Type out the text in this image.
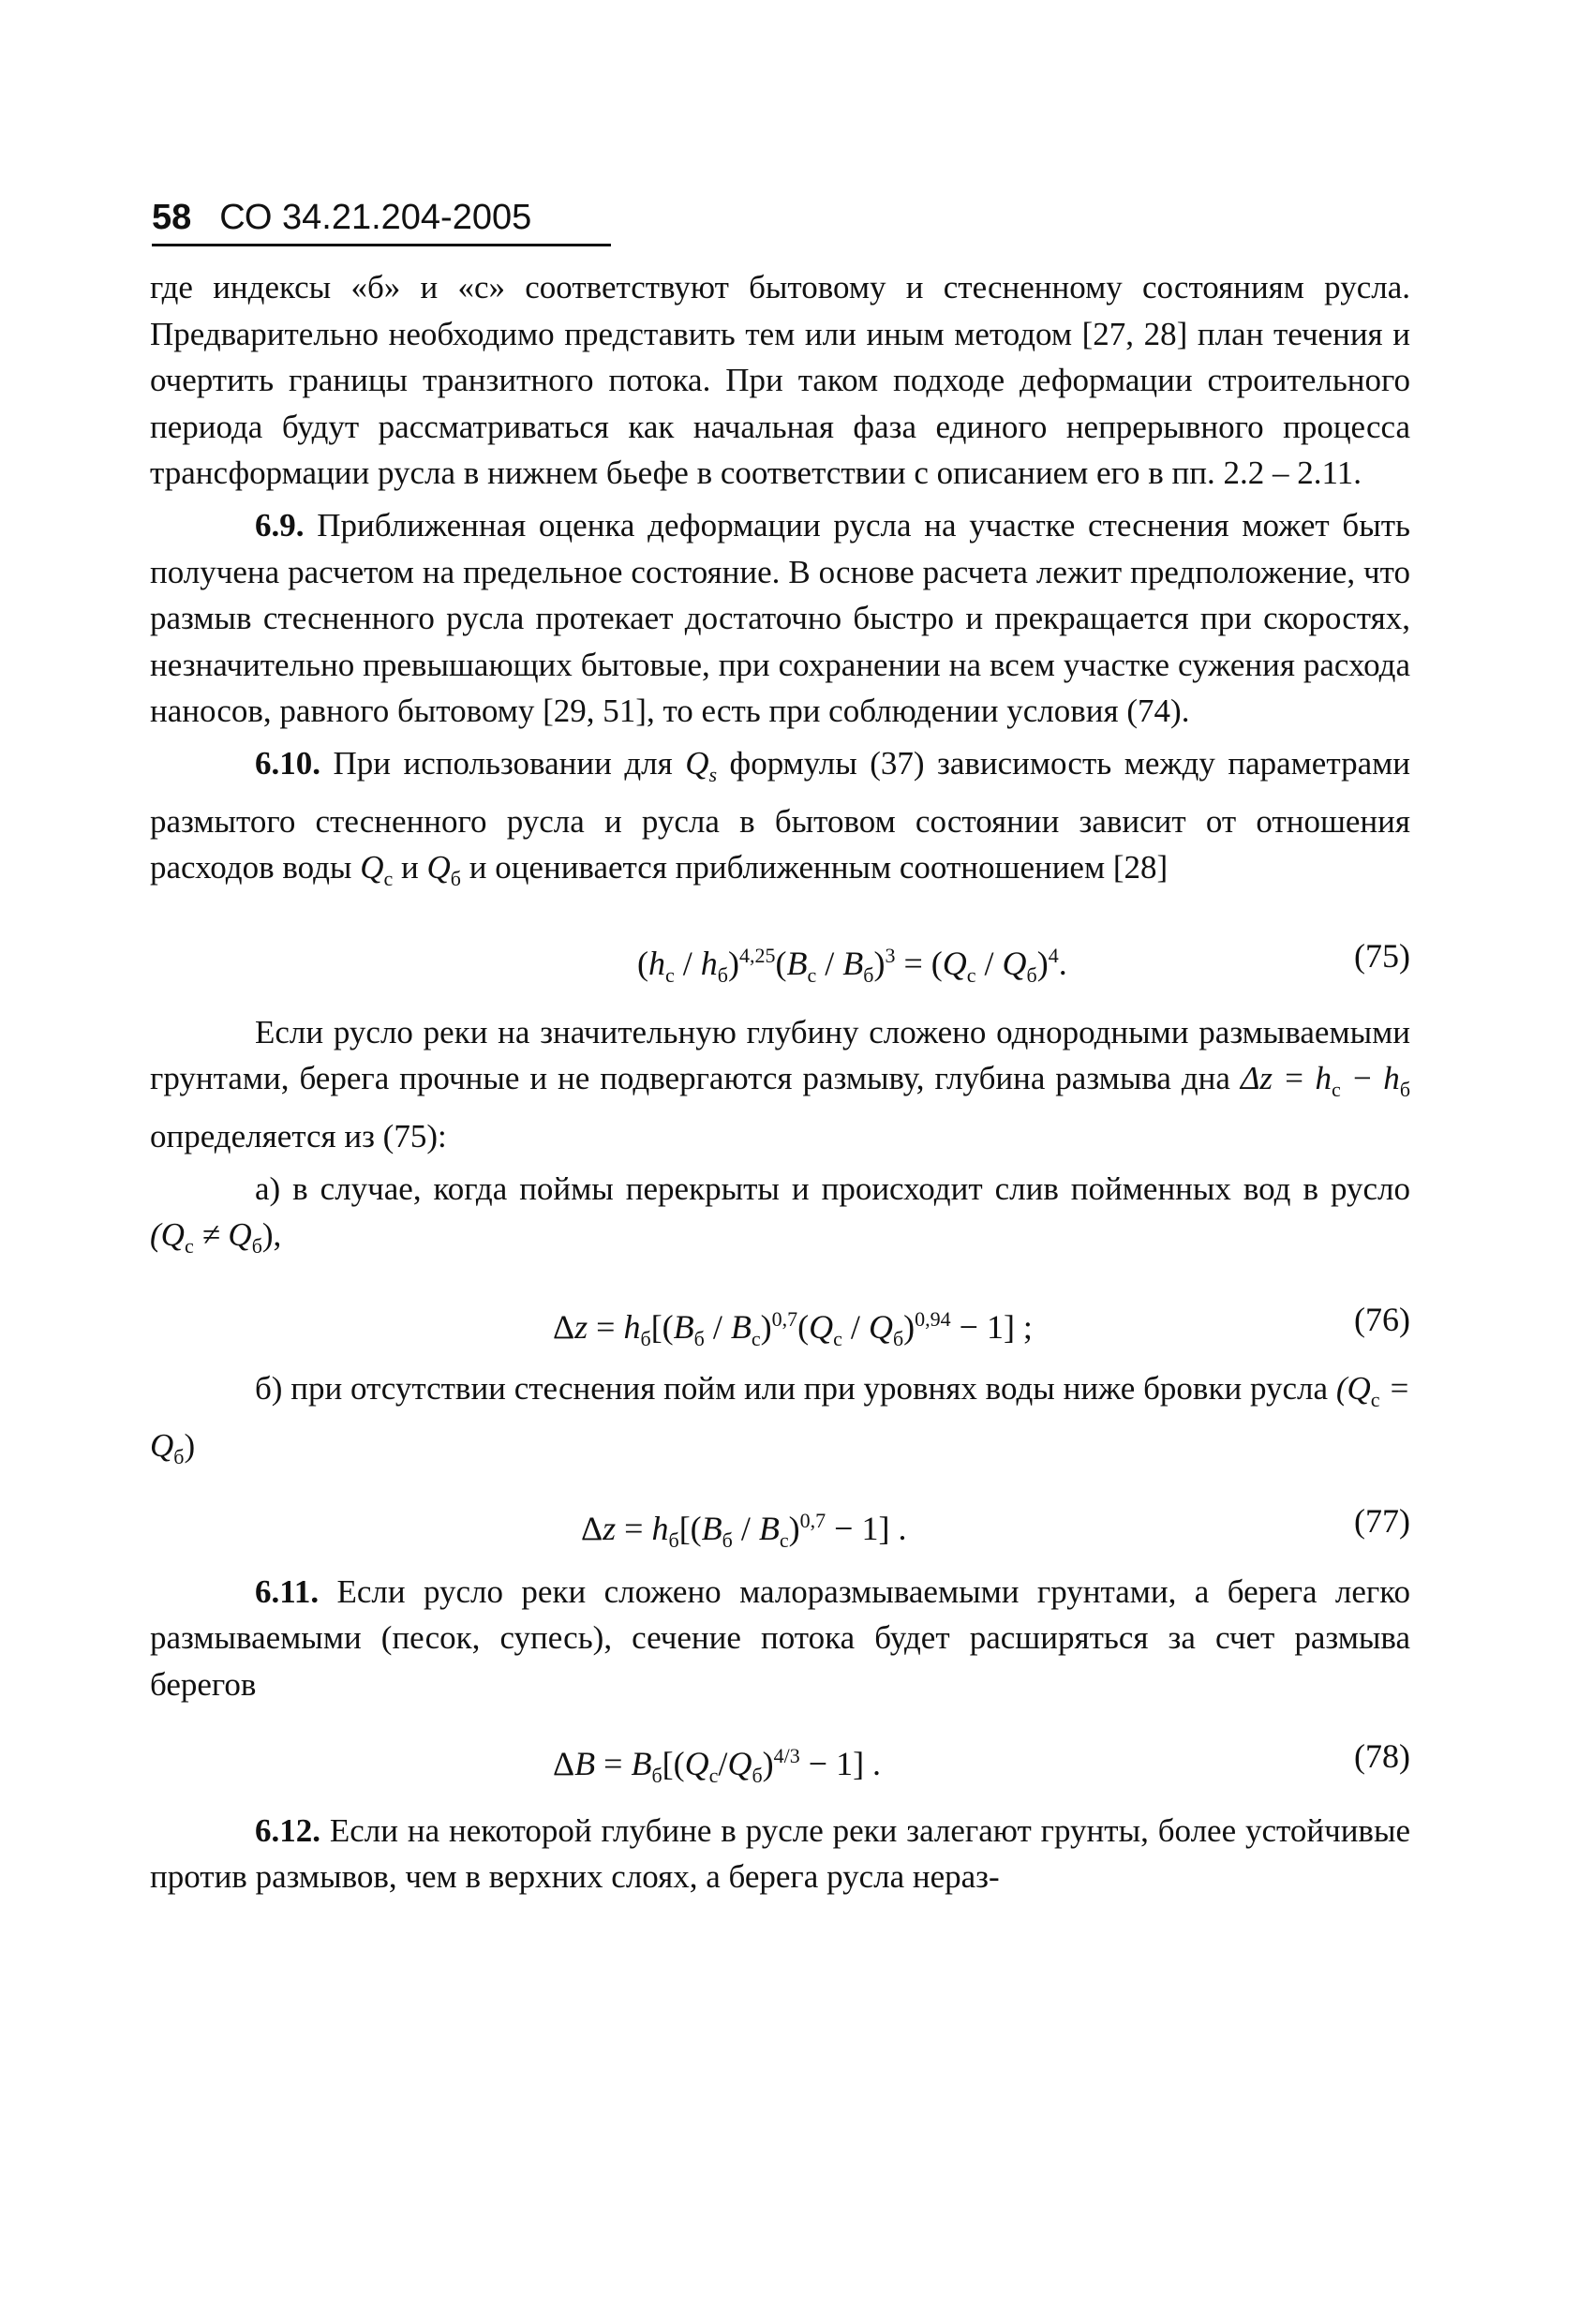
58 СО 34.21.204-2005

где индексы «б» и «с» соответствуют бытовому и стесненному состояниям русла. Предварительно необходимо представить тем или иным методом [27, 28] план течения и очертить границы транзитного потока. При таком подходе деформации строительного периода будут рассматриваться как начальная фаза единого непрерывного процесса трансформации русла в нижнем бьефе в соответствии с описанием его в пп. 2.2 – 2.11.

6.9. Приближенная оценка деформации русла на участке стеснения может быть получена расчетом на предельное состояние. В основе расчета лежит предположение, что размыв стесненного русла протекает достаточно быстро и прекращается при скоростях, незначительно превышающих бытовые, при сохранении на всем участке сужения расхода наносов, равного бытовому [29, 51], то есть при соблюдении условия (74).

6.10. При использовании для $Q_s$ формулы (37) зависимость между параметрами размытого стесненного русла и русла в бытовом состоянии зависит от отношения расходов воды $Q_с$ и $Q_б$ и оценивается приближенным соотношением [28]

$(h_с / h_б)^{4,25}(B_с / B_б)^3 = (Q_с / Q_б)^4$.	(75)

Если русло реки на значительную глубину сложено однородными размываемыми грунтами, берега прочные и не подвергаются размыву, глубина размыва дна $\Delta z = h_с - h_б$ определяется из (75):

а) в случае, когда поймы перекрыты и происходит слив пойменных вод в русло $(Q_с \ne Q_б)$,

$\Delta z = h_б[(B_б / B_с)^{0,7}(Q_с / Q_б)^{0,94} - 1]$ ;	(76)

б) при отсутствии стеснения пойм или при уровнях воды ниже бровки русла $(Q_с = Q_б)$

$\Delta z = h_б[(B_б / B_с)^{0,7} - 1]$ .	(77)

6.11. Если русло реки сложено малоразмываемыми грунтами, а берега легко размываемыми (песок, супесь), сечение потока будет расширяться за счет размыва берегов

$\Delta B = B_б[(Q_с/Q_б)^{4/3} - 1]$ .	(78)

6.12. Если на некоторой глубине в русле реки залегают грунты, более устойчивые против размывов, чем в верхних слоях, а берега русла нераз-
